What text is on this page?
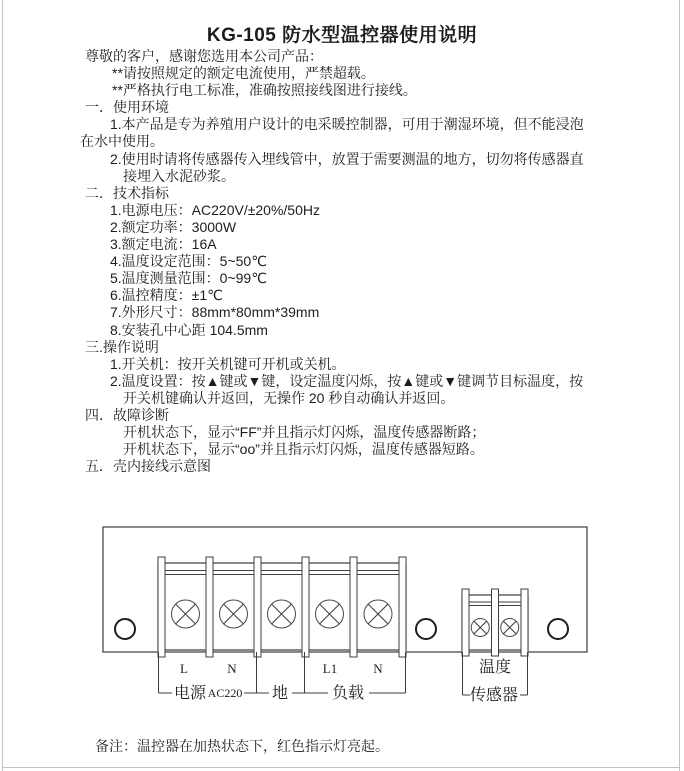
KG-105 防水型温控器使用说明
尊敬的客户，感谢您选用本公司产品：
**请按照规定的额定电流使用，严禁超载。
**严格执行电工标准，准确按照接线图进行接线。
一．使用环境
1.本产品是专为养殖用户设计的电采暖控制器，可用于潮湿环境，但不能浸泡
在水中使用。
2.使用时请将传感器传入埋线管中，放置于需要测温的地方，切勿将传感器直
接埋入水泥砂浆。
二．技术指标
1.电源电压：AC220V/±20%/50Hz
2.额定功率：3000W
3.额定电流：16A
4.温度设定范围：5~50℃
5.温度测量范围：0~99℃
6.温控精度：±1℃
7.外形尺寸：88mm*80mm*39mm
8.安装孔中心距 104.5mm
三.操作说明
1.开关机：按开关机键可开机或关机。
2.温度设置：按▲键或▼键，设定温度闪烁，按▲键或▼键调节目标温度，按
开关机键确认并返回，无操作 20 秒自动确认并返回。
四．故障诊断
开机状态下，显示“FF”并且指示灯闪烁，温度传感器断路；
开机状态下，显示“oo”并且指示灯闪烁，温度传感器短路。
五．壳内接线示意图
备注：温控器在加热状态下，红色指示灯亮起。
L	N	L1	N
电源 AC220 地	负载
温度
传感器
